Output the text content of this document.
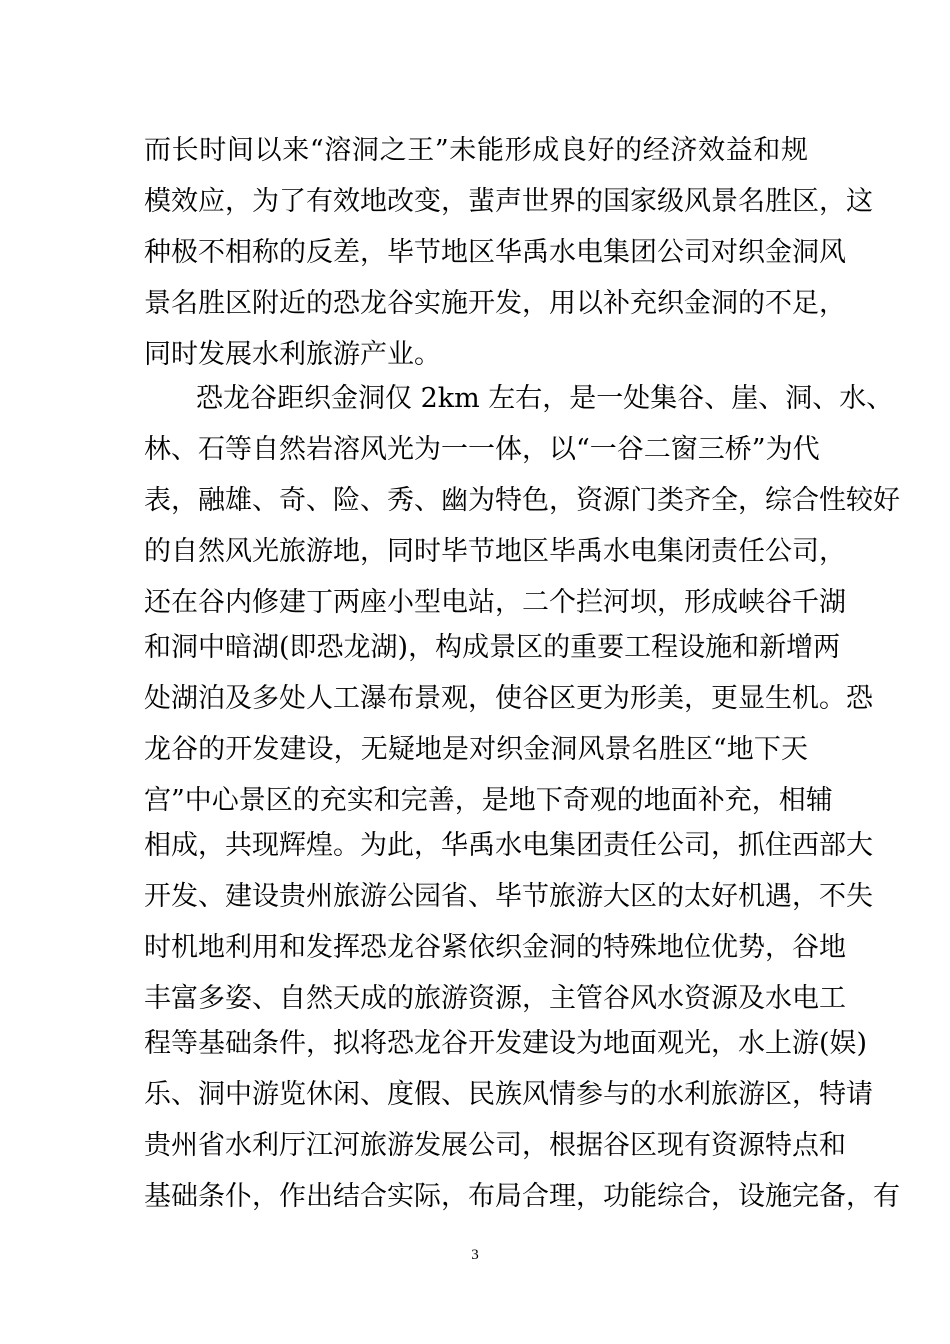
而长时间以来“溶洞之王”未能形成良好的经济效益和规
模效应，为了有效地改变，蜚声世界的国家级风景名胜区，这
种极不相称的反差，毕节地区华禹水电集团公司对织金洞风
景名胜区附近的恐龙谷实施开发，用以补充织金洞的不足，
同时发展水利旅游产业。
恐龙谷距织金洞仅 2km 左右，是一处集谷、崖、洞、水、
林、石等自然岩溶风光为一一体，以“一谷二窗三桥”为代
表，融雄、奇、险、秀、幽为特色，资源门类齐全，综合性较好
的自然风光旅游地，同时毕节地区毕禹水电集闭责任公司，
还在谷内修建丁两座小型电站，二个拦河坝，形成峡谷千湖
和洞中暗湖(即恐龙湖)，构成景区的重要工程设施和新增两
处湖泊及多处人工瀑布景观，使谷区更为形美，更显生机。恐
龙谷的开发建设，无疑地是对织金洞风景名胜区“地下天
宫”中心景区的充实和完善，是地下奇观的地面补充，相辅
相成，共现辉煌。为此，华禹水电集团责任公司，抓住西部大
开发、建设贵州旅游公园省、毕节旅游大区的太好机遇，不失
时机地利用和发挥恐龙谷紧依织金洞的特殊地位优势，谷地
丰富多姿、自然天成的旅游资源，主管谷风水资源及水电工
程等基础条件，拟将恐龙谷开发建设为地面观光，水上游(娱)
乐、洞中游览休闲、度假、民族风情参与的水利旅游区，特请
贵州省水利厅江河旅游发展公司，根据谷区现有资源特点和
基础条仆，作出结合实际，布局合理，功能综合，设施完备，有
3
